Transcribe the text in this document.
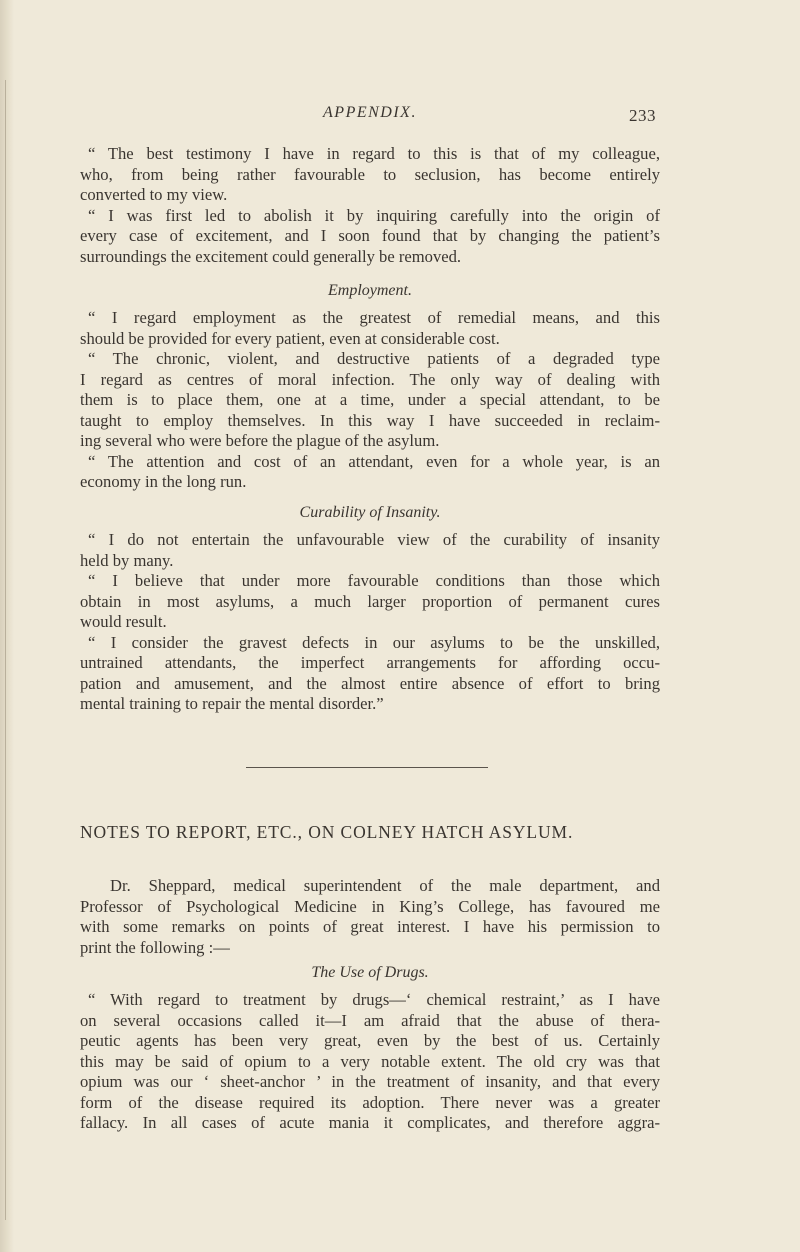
APPENDIX.	233
“ The best testimony I have in regard to this is that of my colleague,
who, from being rather favourable to seclusion, has become entirely
converted to my view.
“ I was first led to abolish it by inquiring carefully into the origin of
every case of excitement, and I soon found that by changing the patient’s
surroundings the excitement could generally be removed.
Employment.
“ I regard employment as the greatest of remedial means, and this
should be provided for every patient, even at considerable cost.
“ The chronic, violent, and destructive patients of a degraded type
I regard as centres of moral infection. The only way of dealing with
them is to place them, one at a time, under a special attendant, to be
taught to employ themselves. In this way I have succeeded in reclaim-
ing several who were before the plague of the asylum.
“ The attention and cost of an attendant, even for a whole year, is an
economy in the long run.
Curability of Insanity.
“ I do not entertain the unfavourable view of the curability of insanity
held by many.
“ I believe that under more favourable conditions than those which
obtain in most asylums, a much larger proportion of permanent cures
would result.
“ I consider the gravest defects in our asylums to be the unskilled,
untrained attendants, the imperfect arrangements for affording occu-
pation and amusement, and the almost entire absence of effort to bring
mental training to repair the mental disorder.”
NOTES TO REPORT, ETC., ON COLNEY HATCH ASYLUM.
Dr. Sheppard, medical superintendent of the male department, and
Professor of Psychological Medicine in King’s College, has favoured me
with some remarks on points of great interest. I have his permission to
print the following :—
The Use of Drugs.
“ With regard to treatment by drugs—‘ chemical restraint,’ as I have
on several occasions called it—I am afraid that the abuse of thera-
peutic agents has been very great, even by the best of us. Certainly
this may be said of opium to a very notable extent. The old cry was that
opium was our ‘ sheet-anchor ’ in the treatment of insanity, and that every
form of the disease required its adoption. There never was a greater
fallacy. In all cases of acute mania it complicates, and therefore aggra-
